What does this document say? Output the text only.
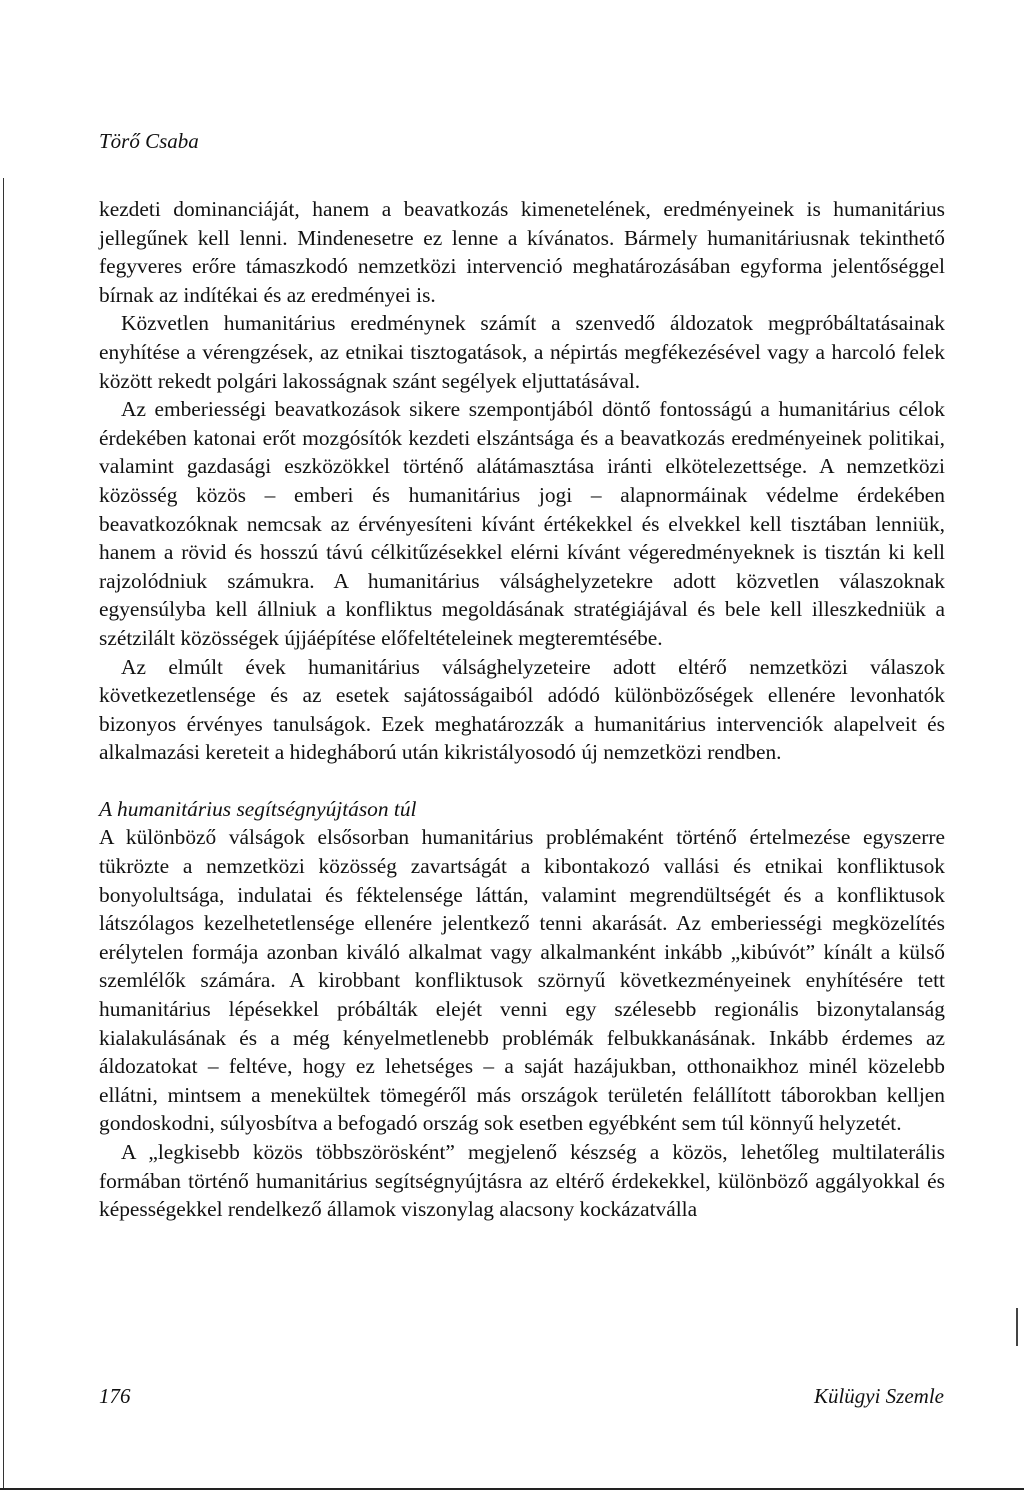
Törő Csaba

kezdeti dominanciáját, hanem a beavatkozás kimenetelének, eredményeinek is humanitárius jellegűnek kell lenni. Mindenesetre ez lenne a kívánatos. Bármely humanitáriusnak tekinthető fegyveres erőre támaszkodó nemzetközi intervenció meghatározásában egyforma jelentőséggel bírnak az indítékai és az eredményei is.

Közvetlen humanitárius eredménynek számít a szenvedő áldozatok megpróbáltatásainak enyhítése a vérengzések, az etnikai tisztogatások, a népirtás megfékezésével vagy a harcoló felek között rekedt polgári lakosságnak szánt segélyek eljuttatásával.

Az emberiességi beavatkozások sikere szempontjából döntő fontosságú a humanitárius célok érdekében katonai erőt mozgósítók kezdeti elszántsága és a beavatkozás eredményeinek politikai, valamint gazdasági eszközökkel történő alátámasztása iránti elkötelezettsége. A nemzetközi közösség közös – emberi és humanitárius jogi – alapnormáinak védelme érdekében beavatkozóknak nemcsak az érvényesíteni kívánt értékekkel és elvekkel kell tisztában lenniük, hanem a rövid és hosszú távú célkitűzésekkel elérni kívánt végeredményeknek is tisztán ki kell rajzolódniuk számukra. A humanitárius válsághelyzetekre adott közvetlen válaszoknak egyensúlyba kell állniuk a konfliktus megoldásának stratégiájával és bele kell illeszkedniük a szétzilált közösségek újjáépítése előfeltételeinek megteremtésébe.

Az elmúlt évek humanitárius válsághelyzeteire adott eltérő nemzetközi válaszok következetlensége és az esetek sajátosságaiból adódó különbözőségek ellenére levonhatók bizonyos érvényes tanulságok. Ezek meghatározzák a humanitárius intervenciók alapelveit és alkalmazási kereteit a hidegháború után kikristályosodó új nemzetközi rendben.

A humanitárius segítségnyújtáson túl

A különböző válságok elsősorban humanitárius problémaként történő értelmezése egyszerre tükrözte a nemzetközi közösség zavartságát a kibontakozó vallási és etnikai konfliktusok bonyolultsága, indulatai és féktelensége láttán, valamint megrendültségét és a konfliktusok látszólagos kezelhetetlensége ellenére jelentkező tenni akarását. Az emberiességi megközelítés erélytelen formája azonban kiváló alkalmat vagy alkalmanként inkább „kibúvót” kínált a külső szemlélők számára. A kirobbant konfliktusok szörnyű következményeinek enyhítésére tett humanitárius lépésekkel próbálták elejét venni egy szélesebb regionális bizonytalanság kialakulásának és a még kényelmetlenebb problémák felbukkanásának. Inkább érdemes az áldozatokat – feltéve, hogy ez lehetséges – a saját hazájukban, otthonaikhoz minél közelebb ellátni, mintsem a menekültek tömegéről más országok területén felállított táborokban kelljen gondoskodni, súlyosbítva a befogadó ország sok esetben egyébként sem túl könnyű helyzetét.

A „legkisebb közös többszörösként” megjelenő készség a közös, lehetőleg multilaterális formában történő humanitárius segítségnyújtásra az eltérő érdekekkel, különböző aggályokkal és képességekkel rendelkező államok viszonylag alacsony kockázatválla

176	Külügyi Szemle
